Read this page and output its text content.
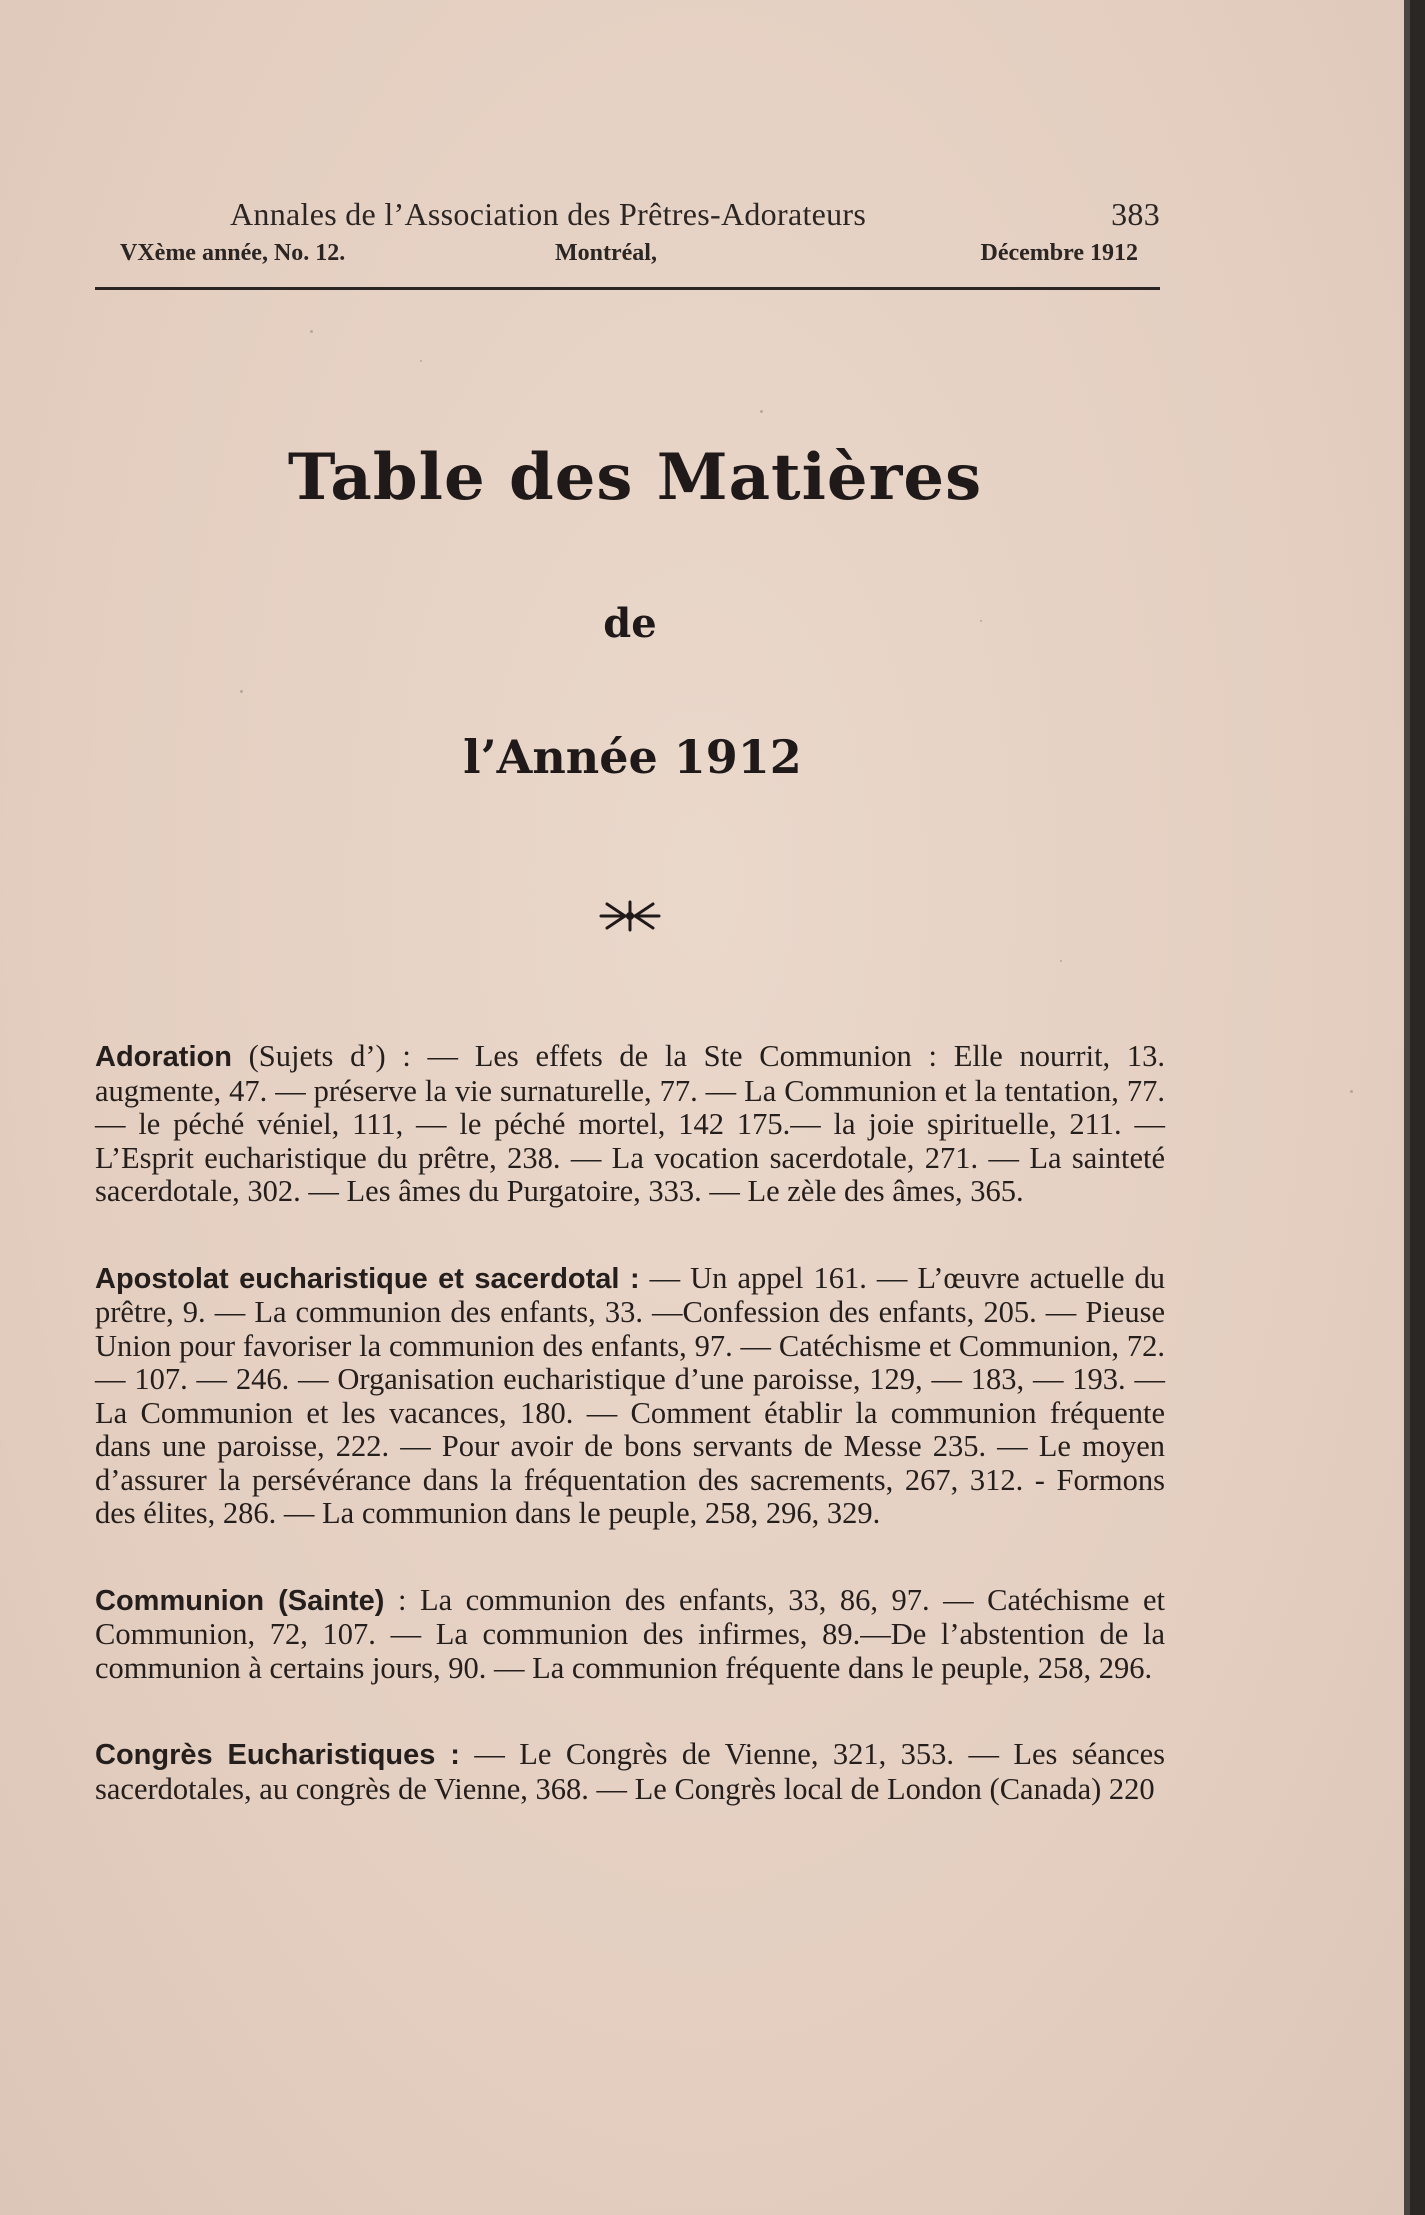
Annales de l’Association des Prêtres-Adorateurs	383
VXème année, No. 12.	Montréal,	Décembre 1912
Table des Matières
de
l’Année 1912

Adoration (Sujets d’) : — Les effets de la Ste Communion : Elle nourrit, 13. augmente, 47. — préserve la vie surnaturelle, 77. — La Communion et la tentation, 77. — le péché véniel, 111, — le péché mortel, 142 175.— la joie spirituelle, 211. — L’Esprit eucharistique du prêtre, 238. — La vocation sacerdotale, 271. — La sainteté sacerdotale, 302. — Les âmes du Purgatoire, 333. — Le zèle des âmes, 365.

Apostolat eucharistique et sacerdotal : — Un appel 161. — L’œuvre actuelle du prêtre, 9. — La communion des enfants, 33. —Confession des enfants, 205. — Pieuse Union pour favoriser la communion des enfants, 97. — Catéchisme et Communion, 72.— 107. — 246. — Organisation eucharistique d’une paroisse, 129, — 183, — 193. — La Communion et les vacances, 180. — Comment établir la communion fréquente dans une paroisse, 222. — Pour avoir de bons servants de Messe 235. — Le moyen d’assurer la persévérance dans la fréquentation des sacrements, 267, 312. - Formons des élites, 286. — La communion dans le peuple, 258, 296, 329.

Communion (Sainte) : La communion des enfants, 33, 86, 97. — Catéchisme et Communion, 72, 107. — La communion des infirmes, 89.—De l’abstention de la communion à certains jours, 90. — La communion fréquente dans le peuple, 258, 296.

Congrès Eucharistiques : — Le Congrès de Vienne, 321, 353. — Les séances sacerdotales, au congrès de Vienne, 368. — Le Congrès local de London (Canada) 220
